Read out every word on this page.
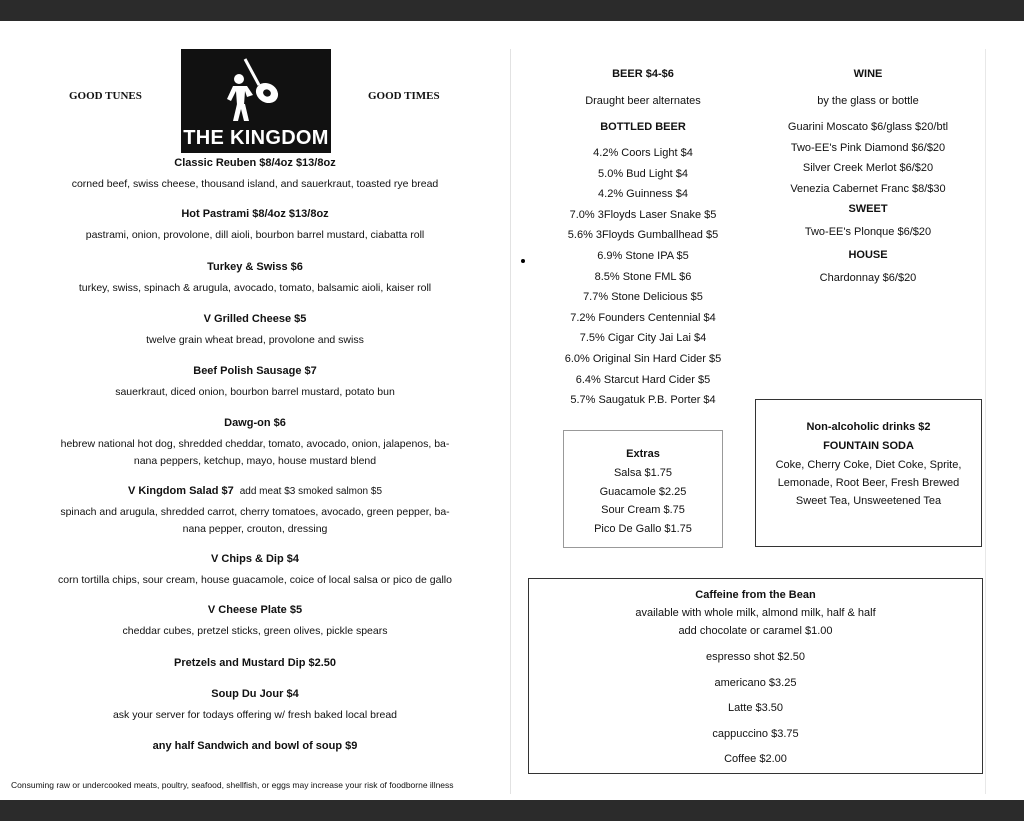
GOOD TUNES	GOOD TIMES
THE KINGDOM
Classic Reuben $8/4oz $13/8oz
corned beef, swiss cheese, thousand island, and sauerkraut, toasted rye bread
Hot Pastrami $8/4oz $13/8oz
pastrami, onion, provolone, dill aioli, bourbon barrel mustard, ciabatta roll
Turkey & Swiss $6
turkey, swiss, spinach & arugula, avocado, tomato, balsamic aioli, kaiser roll
V Grilled Cheese $5
twelve grain wheat bread, provolone and swiss
Beef Polish Sausage $7
sauerkraut, diced onion, bourbon barrel mustard, potato bun
Dawg-on $6
hebrew national hot dog, shredded cheddar, tomato, avocado, onion, jalapenos, ba-
nana peppers, ketchup, mayo, house mustard blend
V Kingdom Salad $7 add meat $3 smoked salmon $5
spinach and arugula, shredded carrot, cherry tomatoes, avocado, green pepper, ba-
nana pepper, crouton, dressing
V Chips & Dip $4
corn tortilla chips, sour cream, house guacamole, coice of local salsa or pico de gallo
V Cheese Plate $5
cheddar cubes, pretzel sticks, green olives, pickle spears
Pretzels and Mustard Dip $2.50
Soup Du Jour $4
ask your server for todays offering w/ fresh baked local bread
any half Sandwich and bowl of soup $9
Consuming raw or undercooked meats, poultry, seafood, shellfish, or eggs may increase your risk of foodborne illness
BEER $4-$6
Draught beer alternates
BOTTLED BEER
4.2% Coors Light $4
5.0% Bud Light $4
4.2% Guinness $4
7.0% 3Floyds Laser Snake $5
5.6% 3Floyds Gumballhead $5
6.9% Stone IPA $5
8.5% Stone FML $6
7.7% Stone Delicious $5
7.2% Founders Centennial $4
7.5% Cigar City Jai Lai $4
6.0% Original Sin Hard Cider $5
6.4% Starcut Hard Cider $5
5.7% Saugatuk P.B. Porter $4
WINE
by the glass or bottle
Guarini Moscato $6/glass $20/btl
Two-EE's Pink Diamond $6/$20
Silver Creek Merlot $6/$20
Venezia Cabernet Franc $8/$30
SWEET
Two-EE's Plonque $6/$20
HOUSE
Chardonnay $6/$20
Extras
Salsa $1.75
Guacamole $2.25
Sour Cream $.75
Pico De Gallo $1.75
Non-alcoholic drinks $2
FOUNTAIN SODA
Coke, Cherry Coke, Diet Coke, Sprite,
Lemonade, Root Beer, Fresh Brewed
Sweet Tea, Unsweetened Tea
Caffeine from the Bean
available with whole milk, almond milk, half & half
add chocolate or caramel $1.00
espresso shot $2.50
americano $3.25
Latte $3.50
cappuccino $3.75
Coffee $2.00
